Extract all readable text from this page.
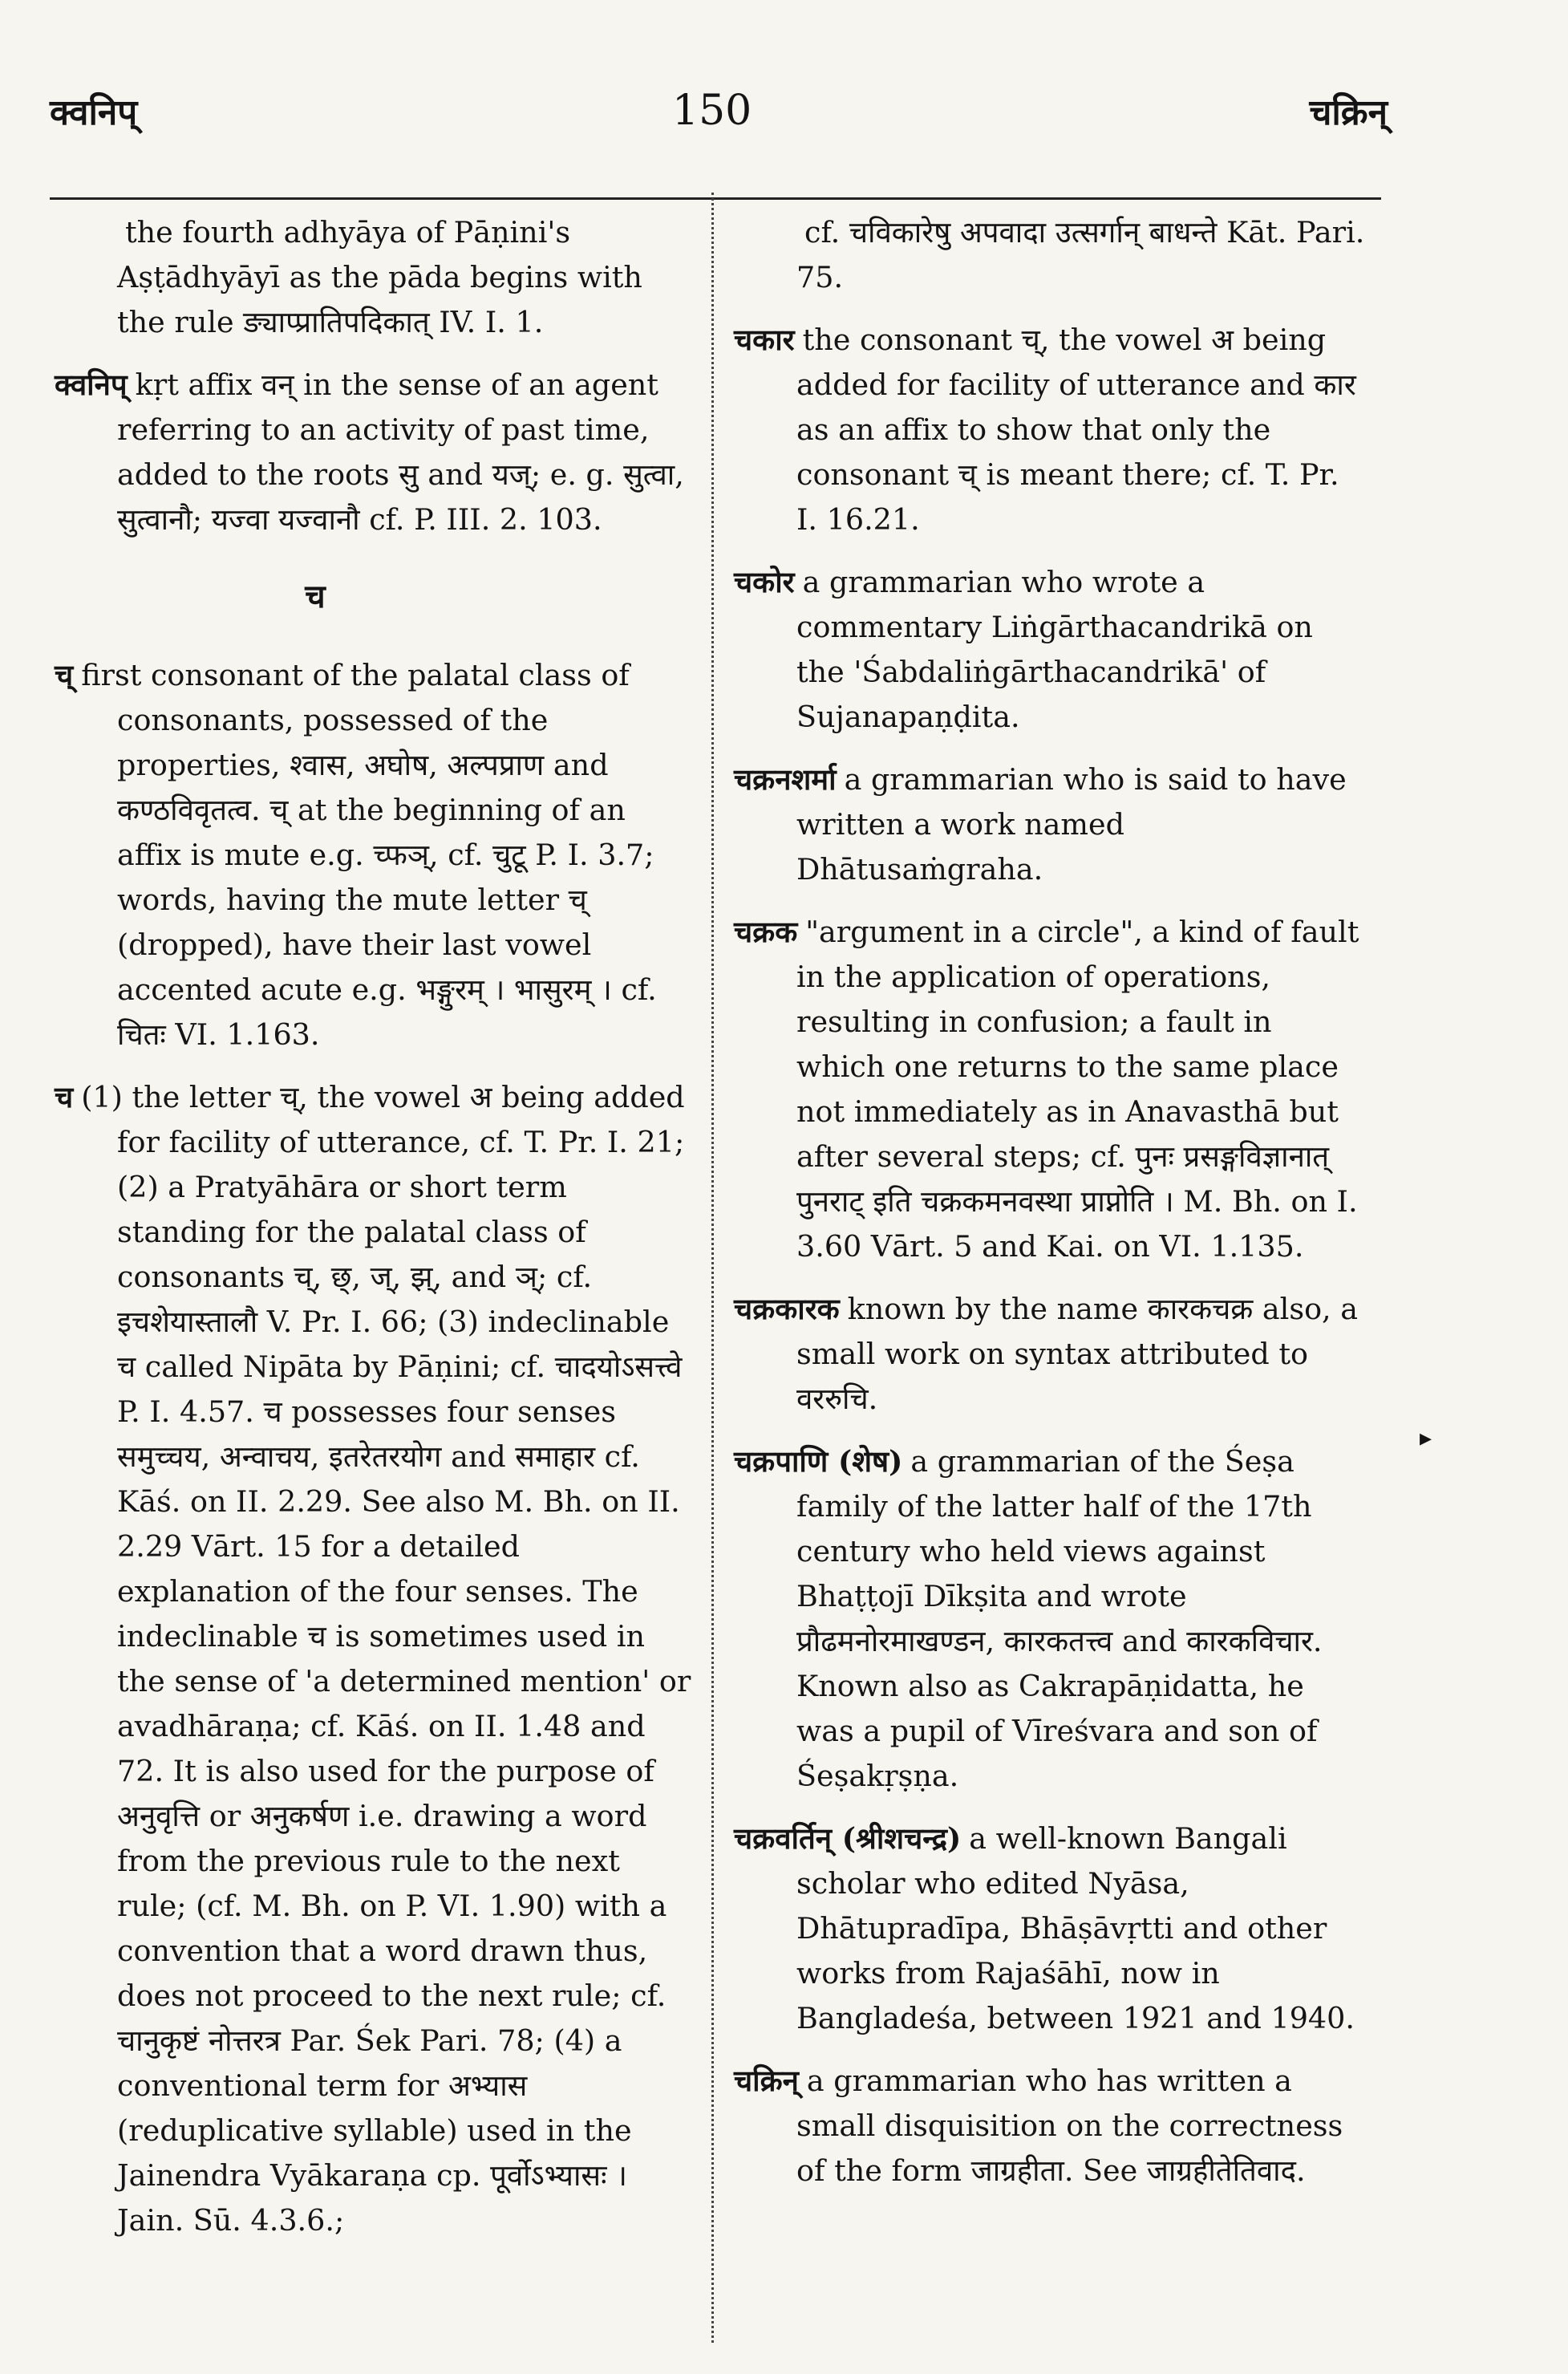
क्वनिप्	150	चक्रिन्

the fourth adhyāya of Pāṇini's Aṣṭādhyāyī as the pāda begins with the rule ङ्याप्प्रातिपदिकात् IV. I. 1.

क्वनिप् kṛt affix वन् in the sense of an agent referring to an activity of past time, added to the roots सु and यज्; e. g. सुत्वा, सुत्वानौ; यज्वा यज्वानौ cf. P. III. 2. 103.

च

च् first consonant of the palatal class of consonants, possessed of the properties, श्वास, अघोष, अल्पप्राण and कण्ठविवृतत्व. च् at the beginning of an affix is mute e.g. च्फञ्, cf. चुटू P. I. 3.7; words, having the mute letter च् (dropped), have their last vowel accented acute e.g. भङ्गुरम् । भासुरम् । cf. चितः VI. 1.163.

च (1) the letter च्, the vowel अ being added for facility of utterance, cf. T. Pr. I. 21; (2) a Pratyāhāra or short term standing for the palatal class of consonants च्, छ्, ज्, झ्, and ञ्; cf. इचशेयास्तालौ V. Pr. I. 66; (3) indeclinable च called Nipāta by Pāṇini; cf. चादयोऽसत्त्वे P. I. 4.57. च possesses four senses समुच्चय, अन्वाचय, इतरेतरयोग and समाहार cf. Kāś. on II. 2.29. See also M. Bh. on II. 2.29 Vārt. 15 for a detailed explanation of the four senses. The indeclinable च is sometimes used in the sense of 'a determined mention' or avadhāraṇa; cf. Kāś. on II. 1.48 and 72. It is also used for the purpose of अनुवृत्ति or अनुकर्षण i.e. drawing a word from the previous rule to the next rule; (cf. M. Bh. on P. VI. 1.90) with a convention that a word drawn thus, does not proceed to the next rule; cf. चानुकृष्टं नोत्तरत्र Par. Śek Pari. 78; (4) a conventional term for अभ्यास (reduplicative syllable) used in the Jainendra Vyākaraṇa cp. पूर्वोऽभ्यासः । Jain. Sū. 4.3.6.;

cf. चविकारेषु अपवादा उत्सर्गान् बाधन्ते Kāt. Pari. 75.

चकार the consonant च्, the vowel अ being added for facility of utterance and कार as an affix to show that only the consonant च् is meant there; cf. T. Pr. I. 16.21.

चकोर a grammarian who wrote a commentary Liṅgārthacandrikā on the 'Śabdaliṅgārthacandrikā' of Sujanapaṇḍita.

चक्रनशर्मा a grammarian who is said to have written a work named Dhātusaṁgraha.

चक्रक "argument in a circle", a kind of fault in the application of operations, resulting in confusion; a fault in which one returns to the same place not immediately as in Anavasthā but after several steps; cf. पुनः प्रसङ्गविज्ञानात् पुनराट् इति चक्रकमनवस्था प्राप्नोति । M. Bh. on I. 3.60 Vārt. 5 and Kai. on VI. 1.135.

चक्रकारक known by the name कारकचक्र also, a small work on syntax attributed to वररुचि.

चक्रपाणि (शेष) a grammarian of the Śeṣa family of the latter half of the 17th century who held views against Bhaṭṭojī Dīkṣita and wrote प्रौढमनोरमाखण्डन, कारकतत्त्व and कारकविचार. Known also as Cakrapāṇidatta, he was a pupil of Vīreśvara and son of Śeṣakṛṣṇa.

चक्रवर्तिन् (श्रीशचन्द्र) a well-known Bangali scholar who edited Nyāsa, Dhātupradīpa, Bhāṣāvṛtti and other works from Rajaśāhī, now in Bangladeśa, between 1921 and 1940.

चक्रिन् a grammarian who has written a small disquisition on the correctness of the form जाग्रहीता. See जाग्रहीतेतिवाद.

▸
